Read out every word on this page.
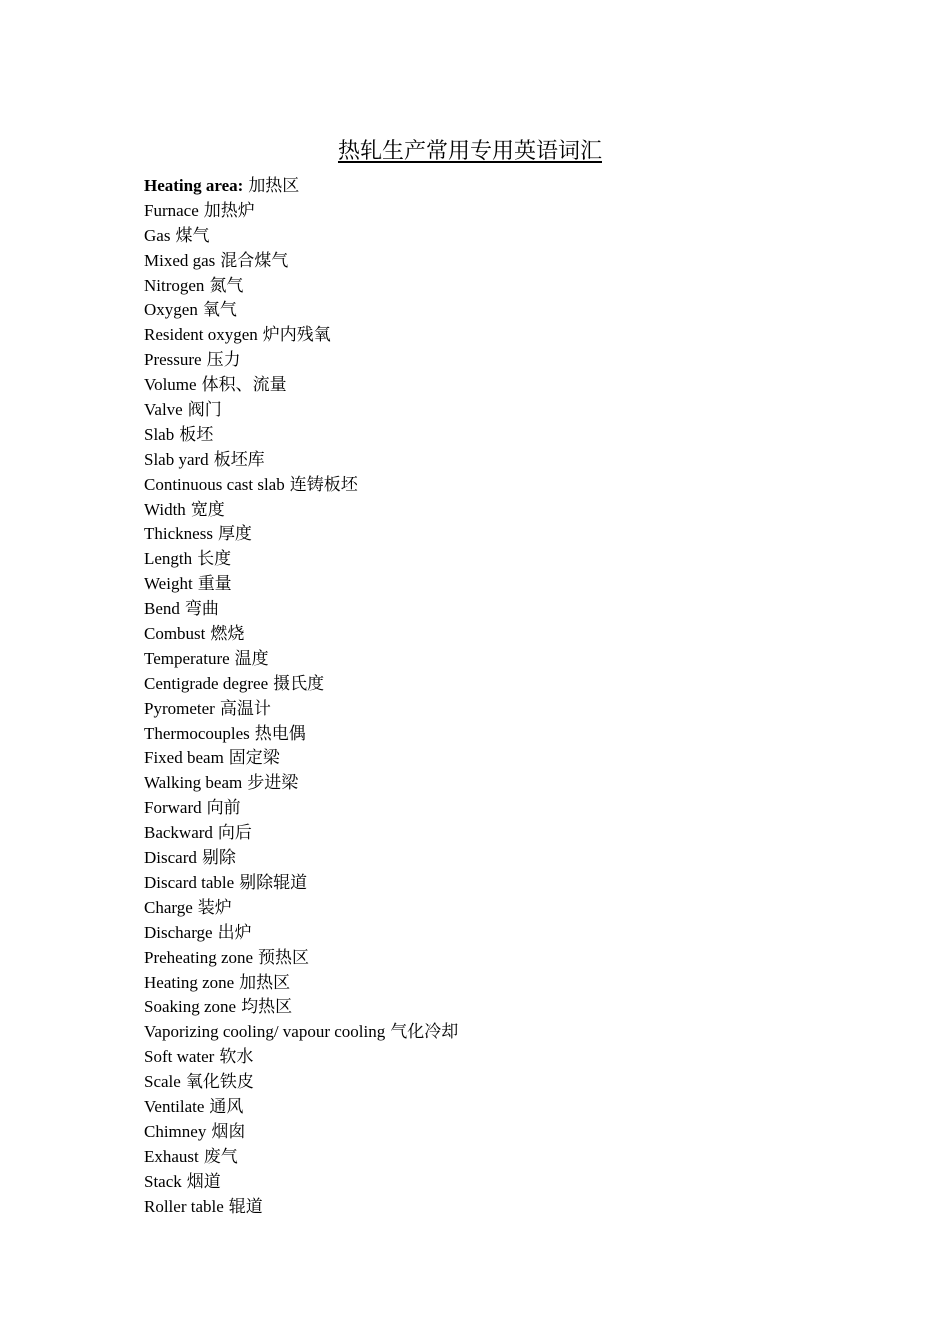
热轧生产常用专用英语词汇
Heating area: 加热区
Furnace 加热炉
Gas 煤气
Mixed gas 混合煤气
Nitrogen 氮气
Oxygen 氧气
Resident oxygen 炉内残氧
Pressure 压力
Volume 体积、流量
Valve 阀门
Slab 板坯
Slab yard 板坯库
Continuous cast slab 连铸板坯
Width 宽度
Thickness 厚度
Length 长度
Weight 重量
Bend 弯曲
Combust 燃烧
Temperature 温度
Centigrade degree 摄氏度
Pyrometer 高温计
Thermocouples 热电偶
Fixed beam 固定梁
Walking beam 步进梁
Forward 向前
Backward 向后
Discard 剔除
Discard table 剔除辊道
Charge 装炉
Discharge 出炉
Preheating zone 预热区
Heating zone 加热区
Soaking zone 均热区
Vaporizing cooling/ vapour cooling 气化冷却
Soft water 软水
Scale 氧化铁皮
Ventilate 通风
Chimney 烟囱
Exhaust 废气
Stack 烟道
Roller table 辊道
